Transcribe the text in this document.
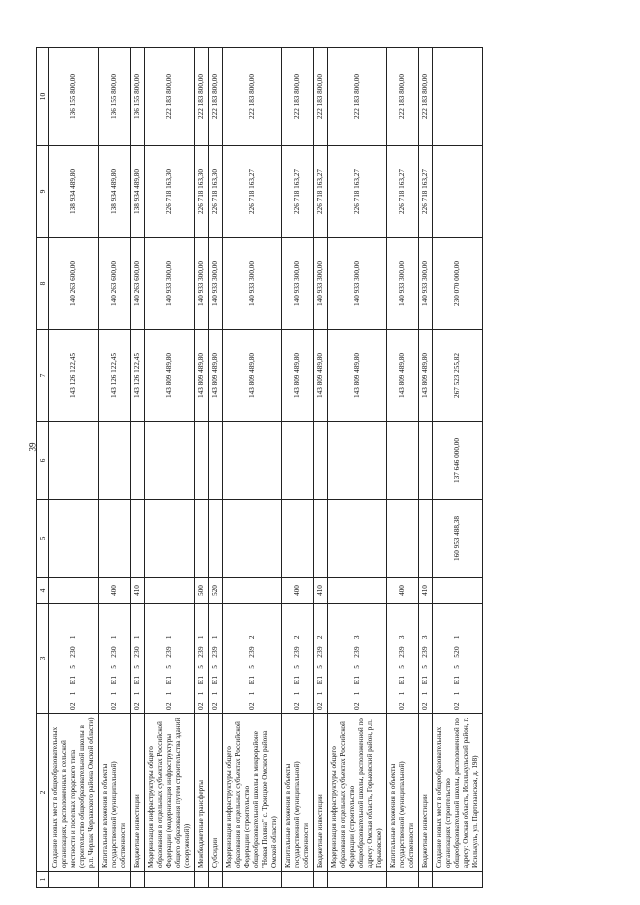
39
1	2	3	4	5	6	7	8	9	10
	Создание новых мест в общеобразовательных организациях, расположенных в сельской местности и поселках городского типа (строительство общеобразовательной школы в р.п. Черлак Черлакского района Омской области)	021E152301				143 126 122,45	140 263 600,00	138 934 489,80	136 155 800,00
	Капитальные вложения в объекты государственной (муниципальной) собственности	021E152301	400			143 126 122,45	140 263 600,00	138 934 489,80	136 155 800,00
	Бюджетные инвестиции	021E152301	410			143 126 122,45	140 263 600,00	138 934 489,80	136 155 800,00
	Модернизация инфраструктуры общего образования в отдельных субъектах Российской Федерации (модернизация инфраструктуры общего образования путем строительства зданий (сооружений))	021E152391				143 809 489,80	140 933 300,00	226 718 163,30	222 183 800,00
	Межбюджетные трансферты	021E152391	500			143 809 489,80	140 933 300,00	226 718 163,30	222 183 800,00
	Субсидии	021E152391	520			143 809 489,80	140 933 300,00	226 718 163,30	222 183 800,00
	Модернизация инфраструктуры общего образования в отдельных субъектах Российской Федерации (строительство общеобразовательной школы в микрорайоне "Новая Поляна" с. Троицкое Омского района Омской области)	021E152392				143 809 489,80	140 933 300,00	226 718 163,27	222 183 800,00
	Капитальные вложения в объекты государственной (муниципальной) собственности	021E152392	400			143 809 489,80	140 933 300,00	226 718 163,27	222 183 800,00
	Бюджетные инвестиции	021E152392	410			143 809 489,80	140 933 300,00	226 718 163,27	222 183 800,00
	Модернизация инфраструктуры общего образования в отдельных субъектах Российской Федерации (строительство общеобразовательной школы, расположенной по адресу: Омская область, Горьковский район, р.п. Горьковское)	021E152393				143 809 489,80	140 933 300,00	226 718 163,27	222 183 800,00
	Капитальные вложения в объекты государственной (муниципальной) собственности	021E152393	400			143 809 489,80	140 933 300,00	226 718 163,27	222 183 800,00
	Бюджетные инвестиции	021E152393	410			143 809 489,80	140 933 300,00	226 718 163,27	222 183 800,00
	Создание новых мест в общеобразовательных организациях (строительство общеобразовательной школы, расположенной по адресу: Омская область, Исилькульский район, г. Исилькуль, ул. Партизанская, д. 198)	021E155201		160 953 488,38	137 646 000,00	267 523 255,82	230 070 000,00		
